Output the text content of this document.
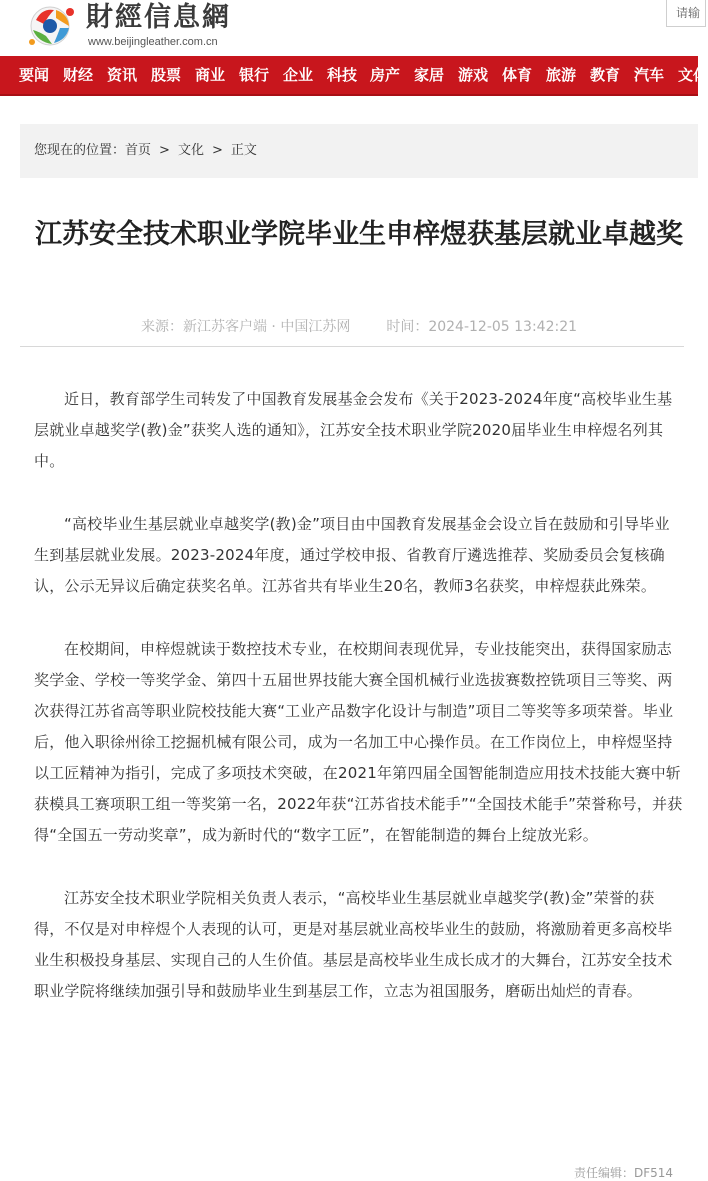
財經信息網
www.beijingleather.com.cn
请输
要闻 财经 资讯 股票 商业 银行 企业 科技 房产 家居 游戏 体育 旅游 教育 汽车 文化
您现在的位置：首页 > 文化 > 正文
江苏安全技术职业学院毕业生申梓煜获基层就业卓越奖
来源：新江苏客户端 · 中国江苏网	时间：2024-12-05 13:42:21

近日，教育部学生司转发了中国教育发展基金会发布《关于2023-2024年度“高校毕业生基层就业卓越奖学(教)金”获奖人选的通知》，江苏安全技术职业学院2020届毕业生申梓煜名列其中。

“高校毕业生基层就业卓越奖学(教)金”项目由中国教育发展基金会设立旨在鼓励和引导毕业生到基层就业发展。2023-2024年度，通过学校申报、省教育厅遴选推荐、奖励委员会复核确认，公示无异议后确定获奖名单。江苏省共有毕业生20名，教师3名获奖，申梓煜获此殊荣。

在校期间，申梓煜就读于数控技术专业，在校期间表现优异，专业技能突出，获得国家励志奖学金、学校一等奖学金、第四十五届世界技能大赛全国机械行业选拔赛数控铣项目三等奖、两次获得江苏省高等职业院校技能大赛“工业产品数字化设计与制造”项目二等奖等多项荣誉。毕业后，他入职徐州徐工挖掘机械有限公司，成为一名加工中心操作员。在工作岗位上，申梓煜坚持以工匠精神为指引，完成了多项技术突破，在2021年第四届全国智能制造应用技术技能大赛中斩获模具工赛项职工组一等奖第一名，2022年获“江苏省技术能手”“全国技术能手”荣誉称号，并获得“全国五一劳动奖章”，成为新时代的“数字工匠”，在智能制造的舞台上绽放光彩。

江苏安全技术职业学院相关负责人表示，“高校毕业生基层就业卓越奖学(教)金”荣誉的获得，不仅是对申梓煜个人表现的认可，更是对基层就业高校毕业生的鼓励，将激励着更多高校毕业生积极投身基层、实现自己的人生价值。基层是高校毕业生成长成才的大舞台，江苏安全技术职业学院将继续加强引导和鼓励毕业生到基层工作，立志为祖国服务，磨砺出灿烂的青春。

责任编辑：DF514
